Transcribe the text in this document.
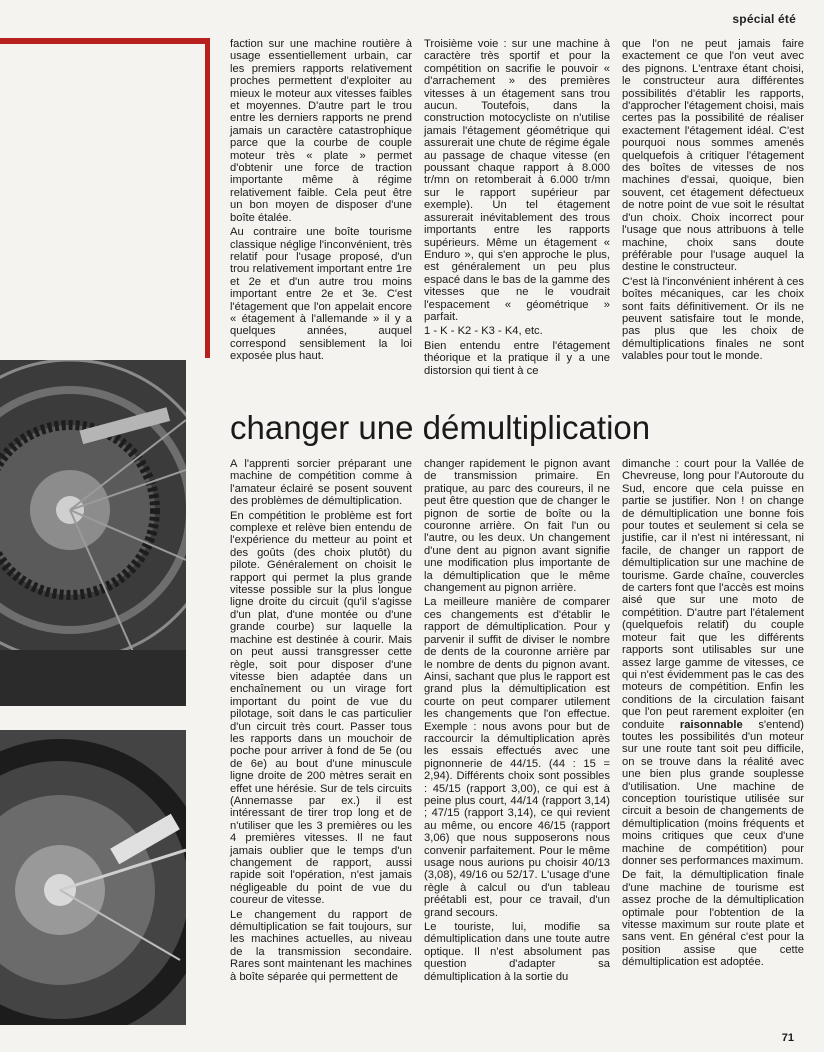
spécial été

faction sur une machine routière à usage essentiellement urbain, car les premiers rapports relativement proches permettent d'exploiter au mieux le moteur aux vitesses faibles et moyennes. D'autre part le trou entre les derniers rapports ne prend jamais un caractère catastrophique parce que la courbe de couple moteur très « plate » permet d'obtenir une force de traction importante même à régime relativement faible. Cela peut être un bon moyen de disposer d'une boîte étalée.

Au contraire une boîte tourisme classique néglige l'inconvénient, très relatif pour l'usage proposé, d'un trou relativement important entre 1re et 2e et d'un autre trou moins important entre 2e et 3e. C'est l'étagement que l'on appelait encore « étagement à l'allemande » il y a quelques années, auquel correspond sensiblement la loi exposée plus haut.

Troisième voie : sur une machine à caractère très sportif et pour la compétition on sacrifie le pouvoir « d'arrachement » des premières vitesses à un étagement sans trou aucun. Toutefois, dans la construction motocycliste on n'utilise jamais l'étagement géométrique qui assurerait une chute de régime égale au passage de chaque vitesse (en poussant chaque rapport à 8.000 tr/mn on retomberait à 6.000 tr/mn sur le rapport supérieur par exemple). Un tel étagement assurerait inévitablement des trous importants entre les rapports supérieurs. Même un étagement « Enduro », qui s'en approche le plus, est généralement un peu plus espacé dans le bas de la gamme des vitesses que ne le voudrait l'espacement « géométrique » parfait.

1 - K - K2 - K3 - K4, etc.

Bien entendu entre l'étagement théorique et la pratique il y a une distorsion qui tient à ce

que l'on ne peut jamais faire exactement ce que l'on veut avec des pignons. L'entraxe étant choisi, le constructeur aura différentes possibilités d'établir les rapports, d'approcher l'étagement choisi, mais certes pas la possibilité de réaliser exactement l'étagement idéal. C'est pourquoi nous sommes amenés quelquefois à critiquer l'étagement des boîtes de vitesses de nos machines d'essai, quoique, bien souvent, cet étagement défectueux de notre point de vue soit le résultat d'un choix. Choix incorrect pour l'usage que nous attribuons à telle machine, choix sans doute préférable pour l'usage auquel la destine le constructeur.

C'est là l'inconvénient inhérent à ces boîtes mécaniques, car les choix sont faits définitivement. Or ils ne peuvent satisfaire tout le monde, pas plus que les choix de démultiplications finales ne sont valables pour tout le monde.

changer une démultiplication

A l'apprenti sorcier préparant une machine de compétition comme à l'amateur éclairé se posent souvent des problèmes de démultiplication.

En compétition le problème est fort complexe et relève bien entendu de l'expérience du metteur au point et des goûts (des choix plutôt) du pilote. Généralement on choisit le rapport qui permet la plus grande vitesse possible sur la plus longue ligne droite du circuit (qu'il s'agisse d'un plat, d'une montée ou d'une grande courbe) sur laquelle la machine est destinée à courir. Mais on peut aussi transgresser cette règle, soit pour disposer d'une vitesse bien adaptée dans un enchaînement ou un virage fort important du point de vue du pilotage, soit dans le cas particulier d'un circuit très court. Passer tous les rapports dans un mouchoir de poche pour arriver à fond de 5e (ou de 6e) au bout d'une minuscule ligne droite de 200 mètres serait en effet une hérésie. Sur de tels circuits (Annemasse par ex.) il est intéressant de tirer trop long et de n'utiliser que les 3 premières ou les 4 premières vitesses. Il ne faut jamais oublier que le temps d'un changement de rapport, aussi rapide soit l'opération, n'est jamais négligeable du point de vue du coureur de vitesse.

Le changement du rapport de démultiplication se fait toujours, sur les machines actuelles, au niveau de la transmission secondaire. Rares sont maintenant les machines à boîte séparée qui permettent de

changer rapidement le pignon avant de transmission primaire. En pratique, au parc des coureurs, il ne peut être question que de changer le pignon de sortie de boîte ou la couronne arrière. On fait l'un ou l'autre, ou les deux. Un changement d'une dent au pignon avant signifie une modification plus importante de la démultiplication que le même changement au pignon arrière.

La meilleure manière de comparer ces changements est d'établir le rapport de démultiplication. Pour y parvenir il suffit de diviser le nombre de dents de la couronne arrière par le nombre de dents du pignon avant. Ainsi, sachant que plus le rapport est grand plus la démultiplication est courte on peut comparer utilement les changements que l'on effectue. Exemple : nous avons pour but de raccourcir la démultiplication après les essais effectués avec une pignonnerie de 44/15. (44 : 15 = 2,94). Différents choix sont possibles : 45/15 (rapport 3,00), ce qui est à peine plus court, 44/14 (rapport 3,14) ; 47/15 (rapport 3,14), ce qui revient au même, ou encore 46/15 (rapport 3,06) que nous supposerons nous convenir parfaitement. Pour le même usage nous aurions pu choisir 40/13 (3,08), 49/16 ou 52/17. L'usage d'une règle à calcul ou d'un tableau préétabli est, pour ce travail, d'un grand secours.

Le touriste, lui, modifie sa démultiplication dans une toute autre optique. Il n'est absolument pas question d'adapter sa démultiplication à la sortie du

dimanche : court pour la Vallée de Chevreuse, long pour l'Autoroute du Sud, encore que cela puisse en partie se justifier. Non ! on change de démultiplication une bonne fois pour toutes et seulement si cela se justifie, car il n'est ni intéressant, ni facile, de changer un rapport de démultiplication sur une machine de tourisme. Garde chaîne, couvercles de carters font que l'accès est moins aisé que sur une moto de compétition. D'autre part l'étalement (quelquefois relatif) du couple moteur fait que les différents rapports sont utilisables sur une assez large gamme de vitesses, ce qui n'est évidemment pas le cas des moteurs de compétition. Enfin les conditions de la circulation faisant que l'on peut rarement exploiter (en conduite raisonnable s'entend) toutes les possibilités d'un moteur sur une route tant soit peu difficile, on se trouve dans la réalité avec une bien plus grande souplesse d'utilisation. Une machine de conception touristique utilisée sur circuit a besoin de changements de démultiplication (moins fréquents et moins critiques que ceux d'une machine de compétition) pour donner ses performances maximum.

De fait, la démultiplication finale d'une machine de tourisme est assez proche de la démultiplication optimale pour l'obtention de la vitesse maximum sur route plate et sans vent. En général c'est pour la position assise que cette démultiplication est adoptée.

71
